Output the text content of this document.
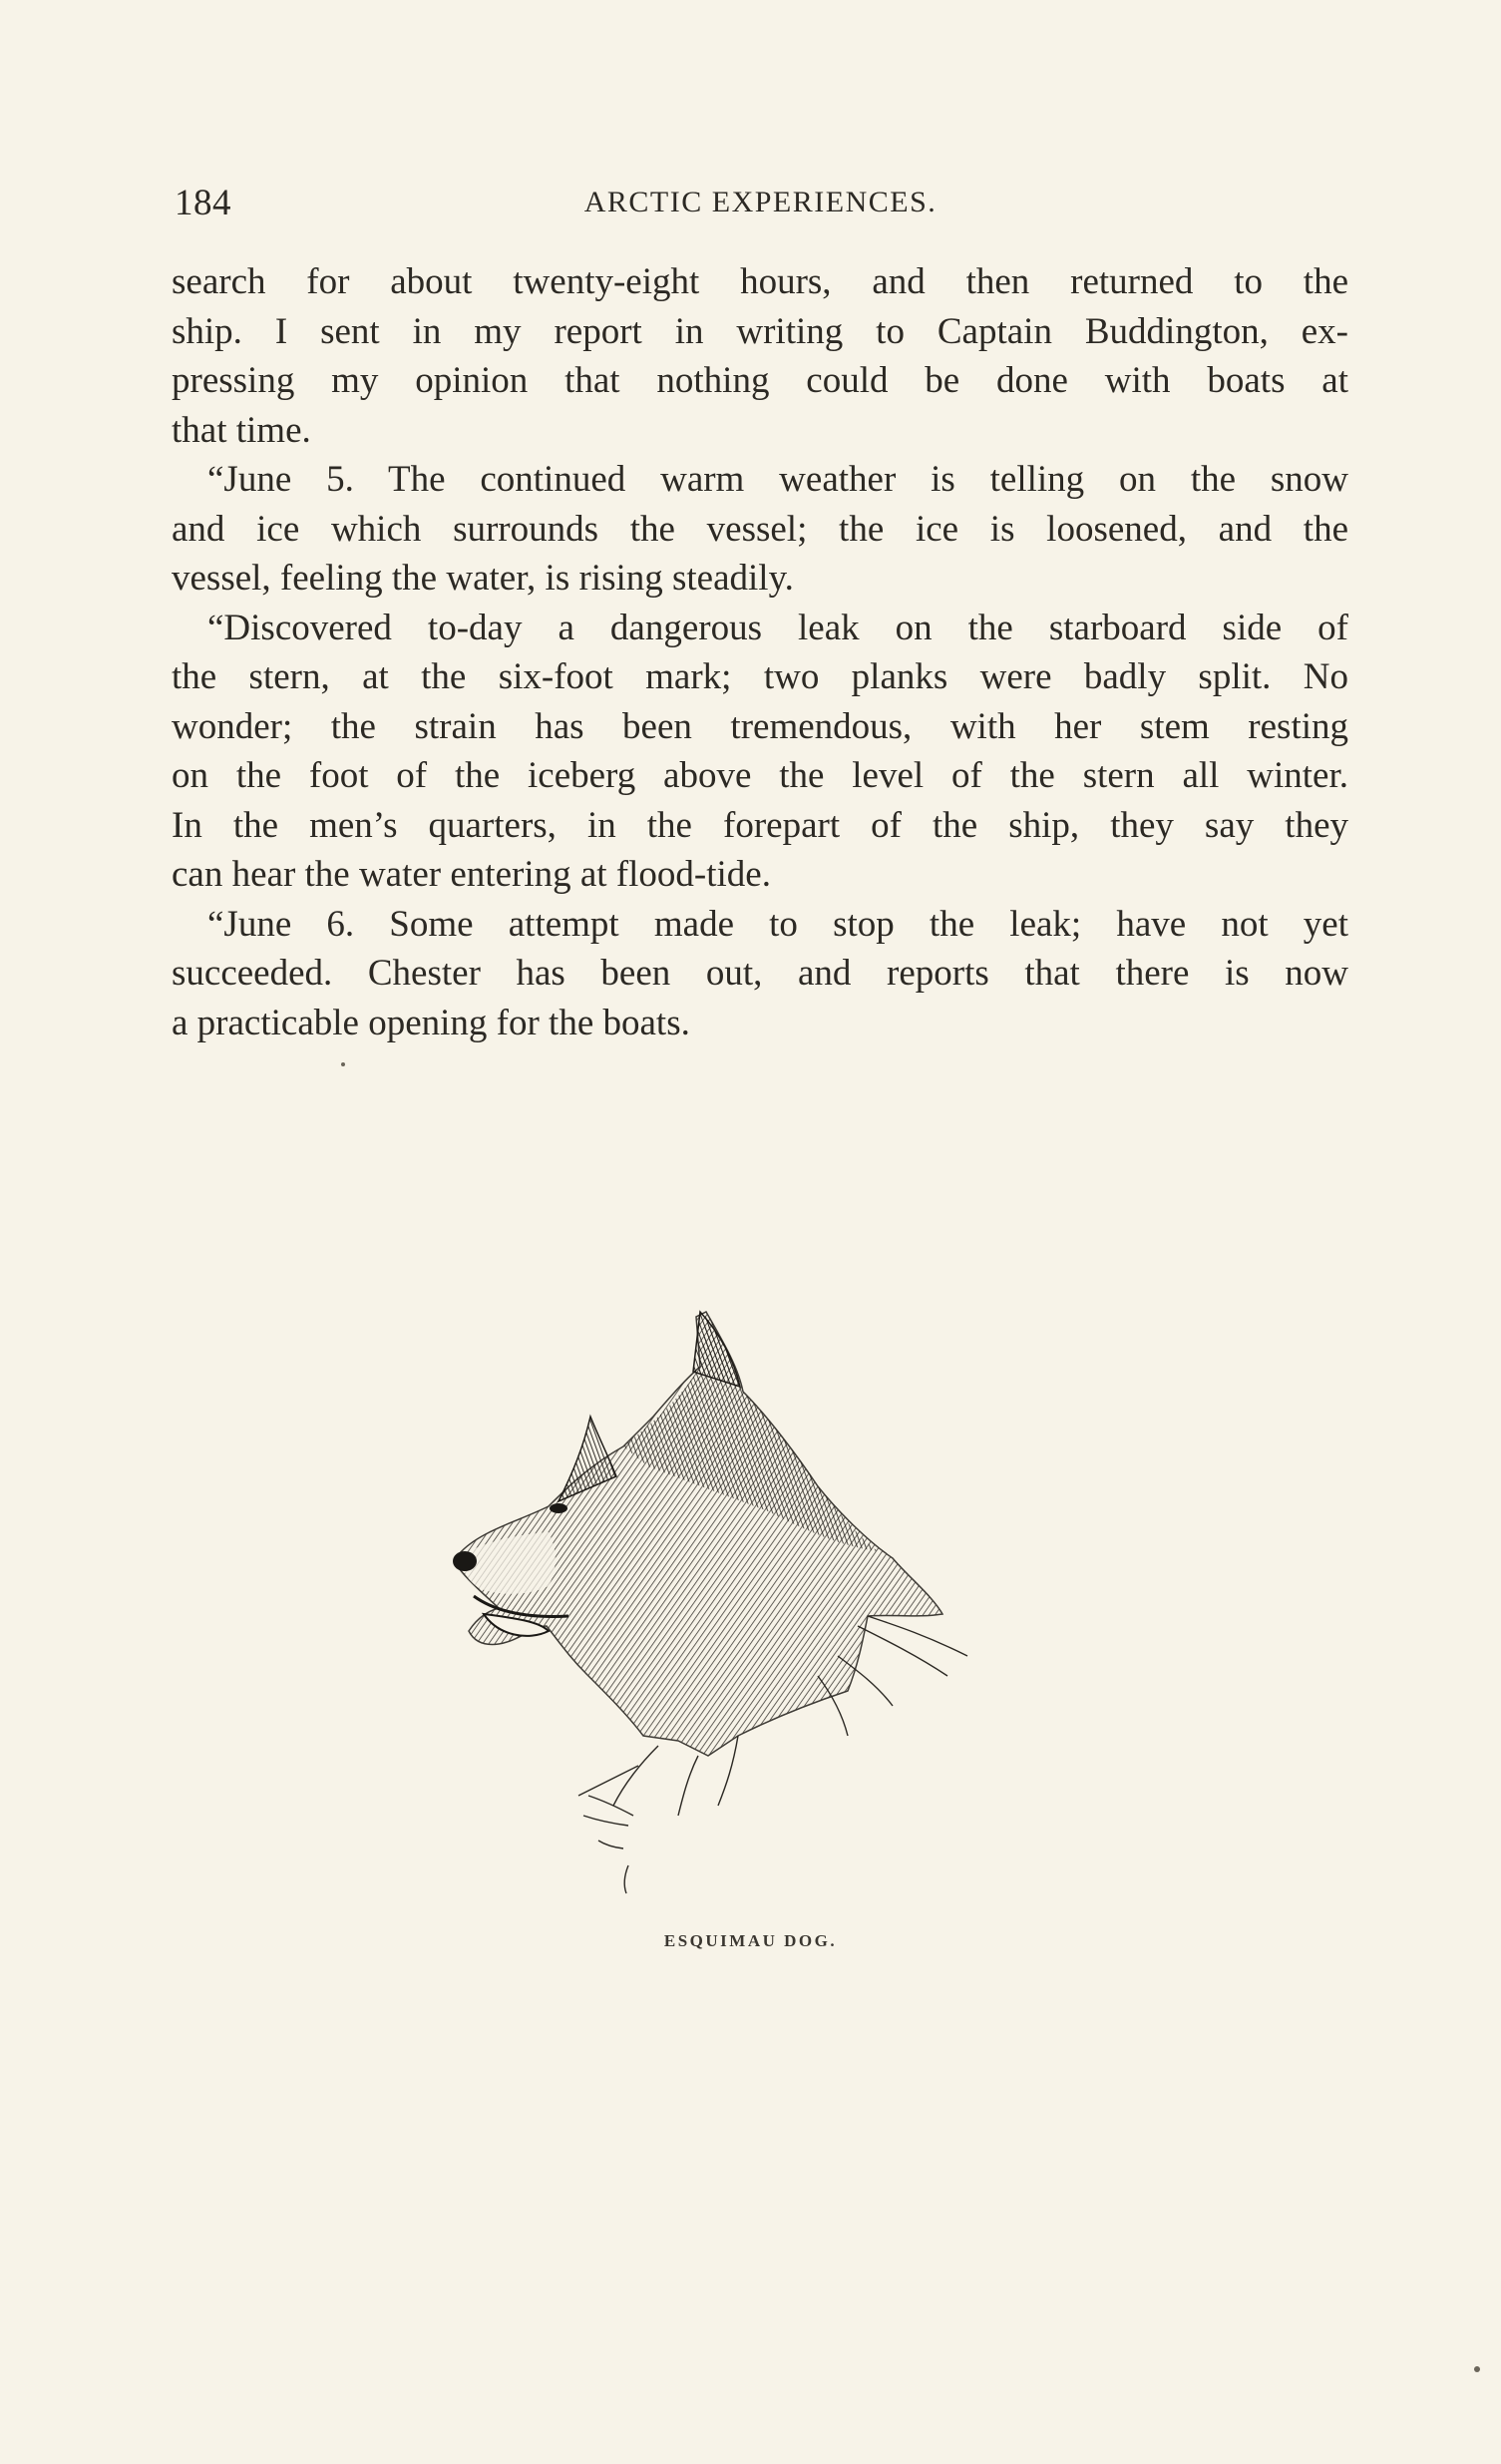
184	ARCTIC EXPERIENCES.

search for about twenty-eight hours, and then returned to the
ship. I sent in my report in writing to Captain Buddington, ex-
pressing my opinion that nothing could be done with boats at
that time.

“June 5. The continued warm weather is telling on the snow
and ice which surrounds the vessel; the ice is loosened, and the
vessel, feeling the water, is rising steadily.

“Discovered to-day a dangerous leak on the starboard side of
the stern, at the six-foot mark; two planks were badly split. No
wonder; the strain has been tremendous, with her stem resting
on the foot of the iceberg above the level of the stern all winter.
In the men’s quarters, in the forepart of the ship, they say they
can hear the water entering at flood-tide.

“June 6. Some attempt made to stop the leak; have not yet
succeeded. Chester has been out, and reports that there is now
a practicable opening for the boats.

ESQUIMAU DOG.
